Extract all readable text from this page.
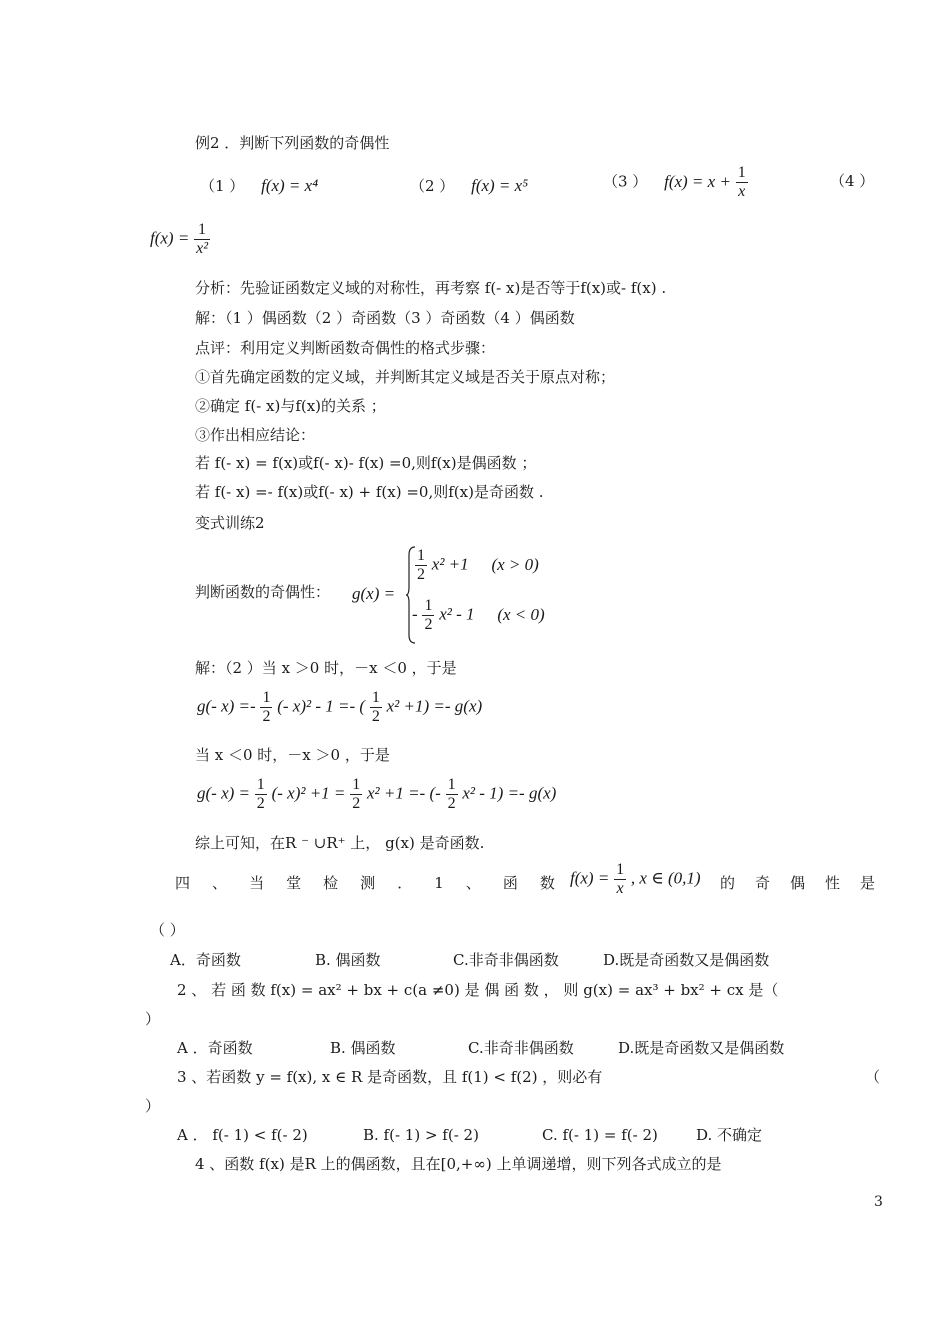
例2 ．判断下列函数的奇偶性
（1 ） f(x) = x⁴	（2 ） f(x) = x⁵	（3 ） $f(x) = x + \frac{1}{x}$	（4 ）
$f(x) = \frac{1}{\text{x²}}$
分析：先验证函数定义域的对称性，再考察 f(- x)是否等于f(x)或- f(x) .
解：（1 ）偶函数（2 ）奇函数（3 ）奇函数（4 ）偶函数
点评：利用定义判断函数奇偶性的格式步骤：
①首先确定函数的定义域，并判断其定义域是否关于原点对称；
②确定 f(- x)与f(x)的关系 ；
③作出相应结论：
若 f(- x) = f(x)或f(- x)- f(x) =0,则f(x)是偶函数 ；
若 f(- x) =- f(x)或f(- x) + f(x) =0,则f(x)是奇函数 .
变式训练2
判断函数的奇偶性： g(x) =
$\frac{1}{2} x^2 +1$ (x > 0)
- $\frac{1}{2} x^2 - 1$ (x < 0)
解：（2 ）当 x ＞0 时，－x ＜0 ，于是
g(- $x) =- \frac{1}{2}$ (- x)² - 1 =- ( $\frac{1}{2} x^2 +1) =- g(x)$
当 x ＜0 时，－x ＞0 ，于是
g(- $x) = \frac{1}{2}$ (- $x)^2 +1 = \frac{1}{2} x^2 +1$ =- (- $\frac{1}{2} x^2 - 1) =- g(x)$
综上可知，在R ⁻ ∪R⁺ 上， g(x) 是奇函数.
四 、 当 堂 检 测 ． 1 、 函 数 $f(x) = \frac{1}{x}$ , x ∈ (0,1) 的 奇 偶 性 是
（ ）
A．奇函数	B. 偶函数	C.非奇非偶函数	D.既是奇函数又是偶函数
2 、 若 函 数 f(x) = ax² + bx + c(a ≠0) 是 偶 函 数 ， 则 g(x) = ax³ + bx² + cx 是（
）
A ．奇函数	B. 偶函数	C.非奇非偶函数	D.既是奇函数又是偶函数
3 、若函数 y = f(x), x ∈ R 是奇函数，且 f(1) < f(2) ，则必有	（
）
A ． f(- 1) < f(- 2)	B. f(- 1) > f(- 2)	C. f(- 1) = f(- 2)	D. 不确定
4 、函数 f(x) 是R 上的偶函数，且在[0,+∞) 上单调递增，则下列各式成立的是
3
